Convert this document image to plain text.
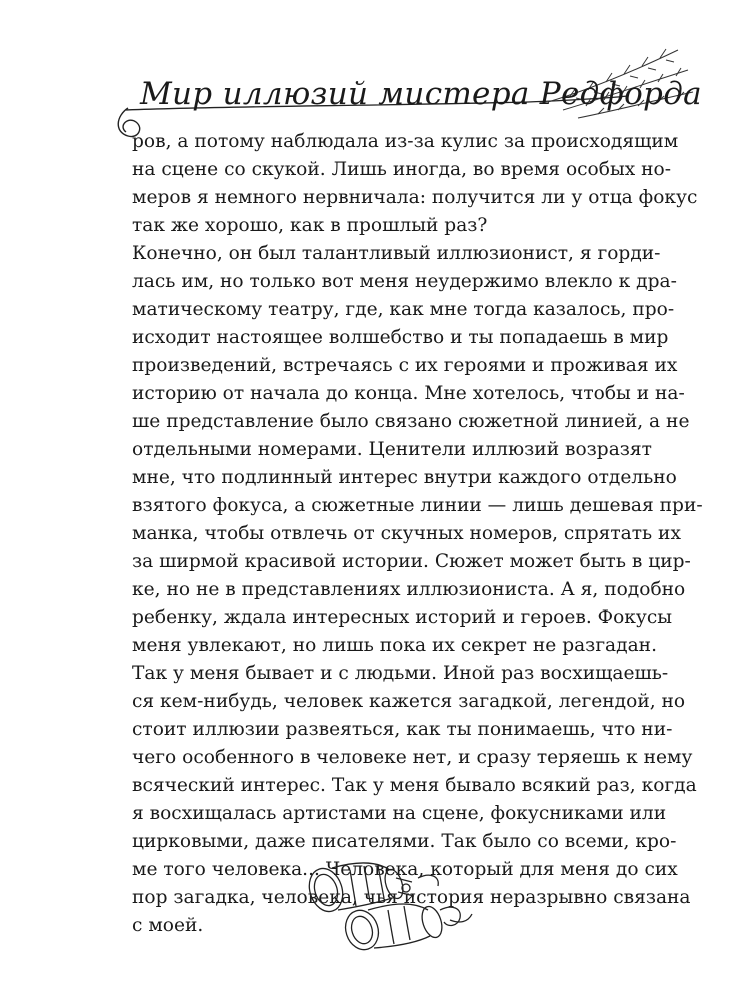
Мир иллюзий мистера Редфорда
ров, а потому наблюдала из-за кулис за происходящим
на сцене со скукой. Лишь иногда, во время особых но-
меров я немного нервничала: получится ли у отца фокус
так же хорошо, как в прошлый раз?
Конечно, он был талантливый иллюзионист, я горди-
лась им, но только вот меня неудержимо влекло к дра-
матическому театру, где, как мне тогда казалось, про-
исходит настоящее волшебство и ты попадаешь в мир
произведений, встречаясь с их героями и проживая их
историю от начала до конца. Мне хотелось, чтобы и на-
ше представление было связано сюжетной линией, а не
отдельными номерами. Ценители иллюзий возразят
мне, что подлинный интерес внутри каждого отдельно
взятого фокуса, а сюжетные линии — лишь дешевая при-
манка, чтобы отвлечь от скучных номеров, спрятать их
за ширмой красивой истории. Сюжет может быть в цир-
ке, но не в представлениях иллюзиониста. А я, подобно
ребенку, ждала интересных историй и героев. Фокусы
меня увлекают, но лишь пока их секрет не разгадан.
Так у меня бывает и с людьми. Иной раз восхищаешь-
ся кем-нибудь, человек кажется загадкой, легендой, но
стоит иллюзии развеяться, как ты понимаешь, что ни-
чего особенного в человеке нет, и сразу теряешь к нему
всяческий интерес. Так у меня бывало всякий раз, когда
я восхищалась артистами на сцене, фокусниками или
цирковыми, даже писателями. Так было со всеми, кро-
ме того человека... Человека, который для меня до сих
пор загадка, человека, чья история неразрывно связана
с моей.
